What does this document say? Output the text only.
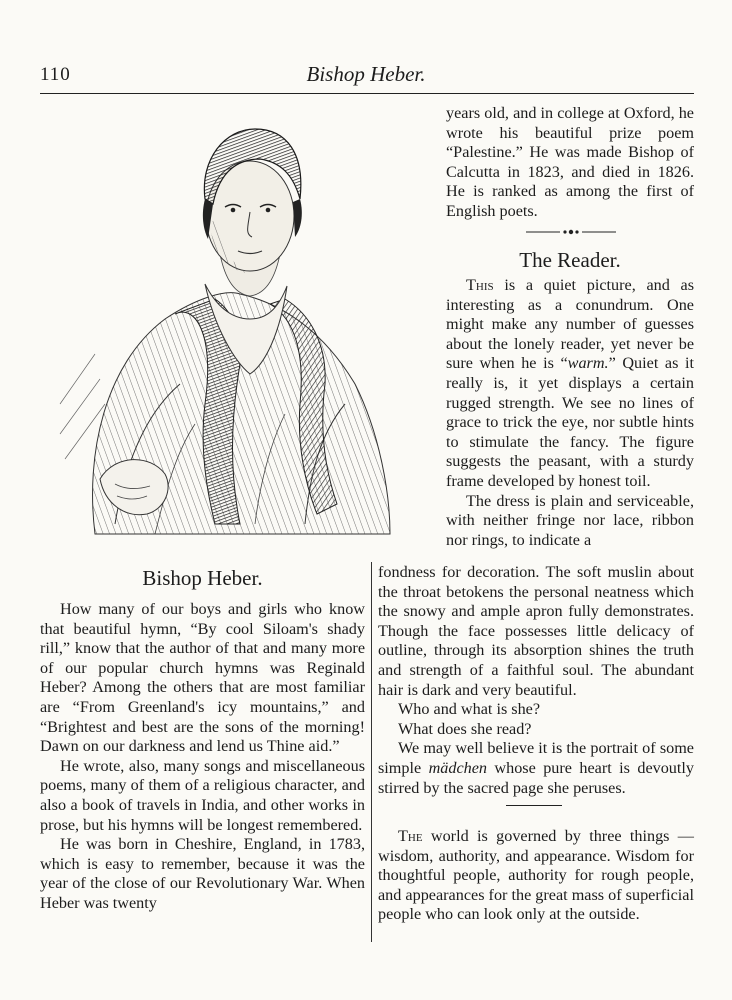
110	Bishop Heber.

years old, and in college at Oxford, he wrote his beautiful prize poem “Palestine.” He was made Bishop of Calcutta in 1823, and died in 1826. He is ranked as among the first of English poets.

The Reader.

This is a quiet picture, and as interesting as a conundrum. One might make any number of guesses about the lonely reader, yet never be sure when he is “warm.” Quiet as it really is, it yet displays a certain rugged strength. We see no lines of grace to trick the eye, nor subtle hints to stimulate the fancy. The figure suggests the peasant, with a sturdy frame developed by honest toil.

The dress is plain and serviceable, with neither fringe nor lace, ribbon nor rings, to indicate a

fondness for decoration. The soft muslin about the throat betokens the personal neatness which the snowy and ample apron fully demonstrates. Though the face possesses little delicacy of outline, through its absorption shines the truth and strength of a faithful soul. The abundant hair is dark and very beautiful.

Who and what is she?

What does she read?

We may well believe it is the portrait of some simple mädchen whose pure heart is devoutly stirred by the sacred page she peruses.

The world is governed by three things —wisdom, authority, and appearance. Wisdom for thoughtful people, authority for rough people, and appearances for the great mass of superficial people who can look only at the outside.

Bishop Heber.

How many of our boys and girls who know that beautiful hymn, “By cool Siloam's shady rill,” know that the author of that and many more of our popular church hymns was Reginald Heber? Among the others that are most familiar are “From Greenland's icy mountains,” and “Brightest and best are the sons of the morning! Dawn on our darkness and lend us Thine aid.”

He wrote, also, many songs and miscellaneous poems, many of them of a religious character, and also a book of travels in India, and other works in prose, but his hymns will be longest remembered.

He was born in Cheshire, England, in 1783, which is easy to remember, because it was the year of the close of our Revolutionary War. When Heber was twenty
